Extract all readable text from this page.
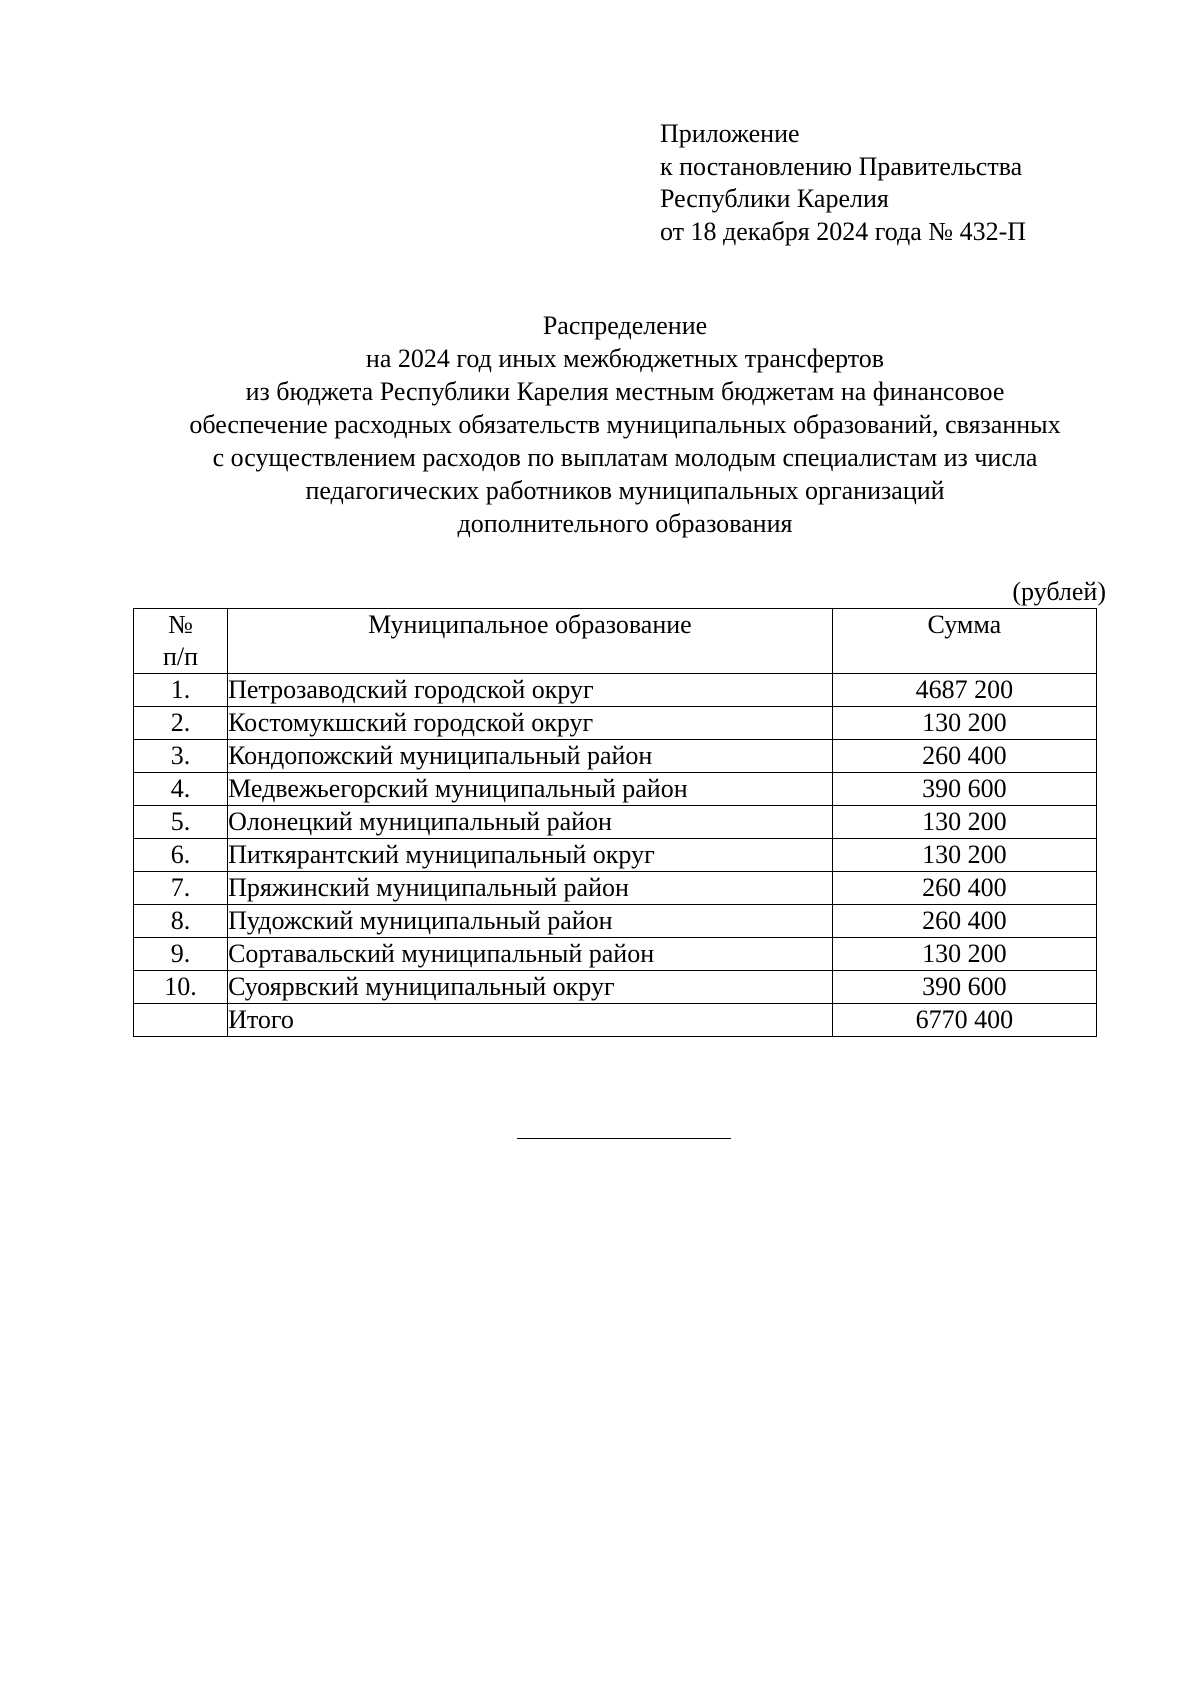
Приложение
к постановлению Правительства
Республики Карелия
от 18 декабря 2024 года № 432-П
Распределение
на 2024 год иных межбюджетных трансфертов
из бюджета Республики Карелия местным бюджетам на финансовое
обеспечение расходных обязательств муниципальных образований, связанных
с осуществлением расходов по выплатам молодым специалистам из числа
педагогических работников муниципальных организаций
дополнительного образования
(рублей)
№
п/п	Муниципальное образование	Сумма
1.	Петрозаводский городской округ	4687 200
2.	Костомукшский городской округ	130 200
3.	Кондопожский муниципальный район	260 400
4.	Медвежьегорский муниципальный район	390 600
5.	Олонецкий муниципальный район	130 200
6.	Питкярантский муниципальный округ	130 200
7.	Пряжинский муниципальный район	260 400
8.	Пудожский муниципальный район	260 400
9.	Сортавальский муниципальный район	130 200
10.	Суоярвский муниципальный округ	390 600
	Итого	6770 400
